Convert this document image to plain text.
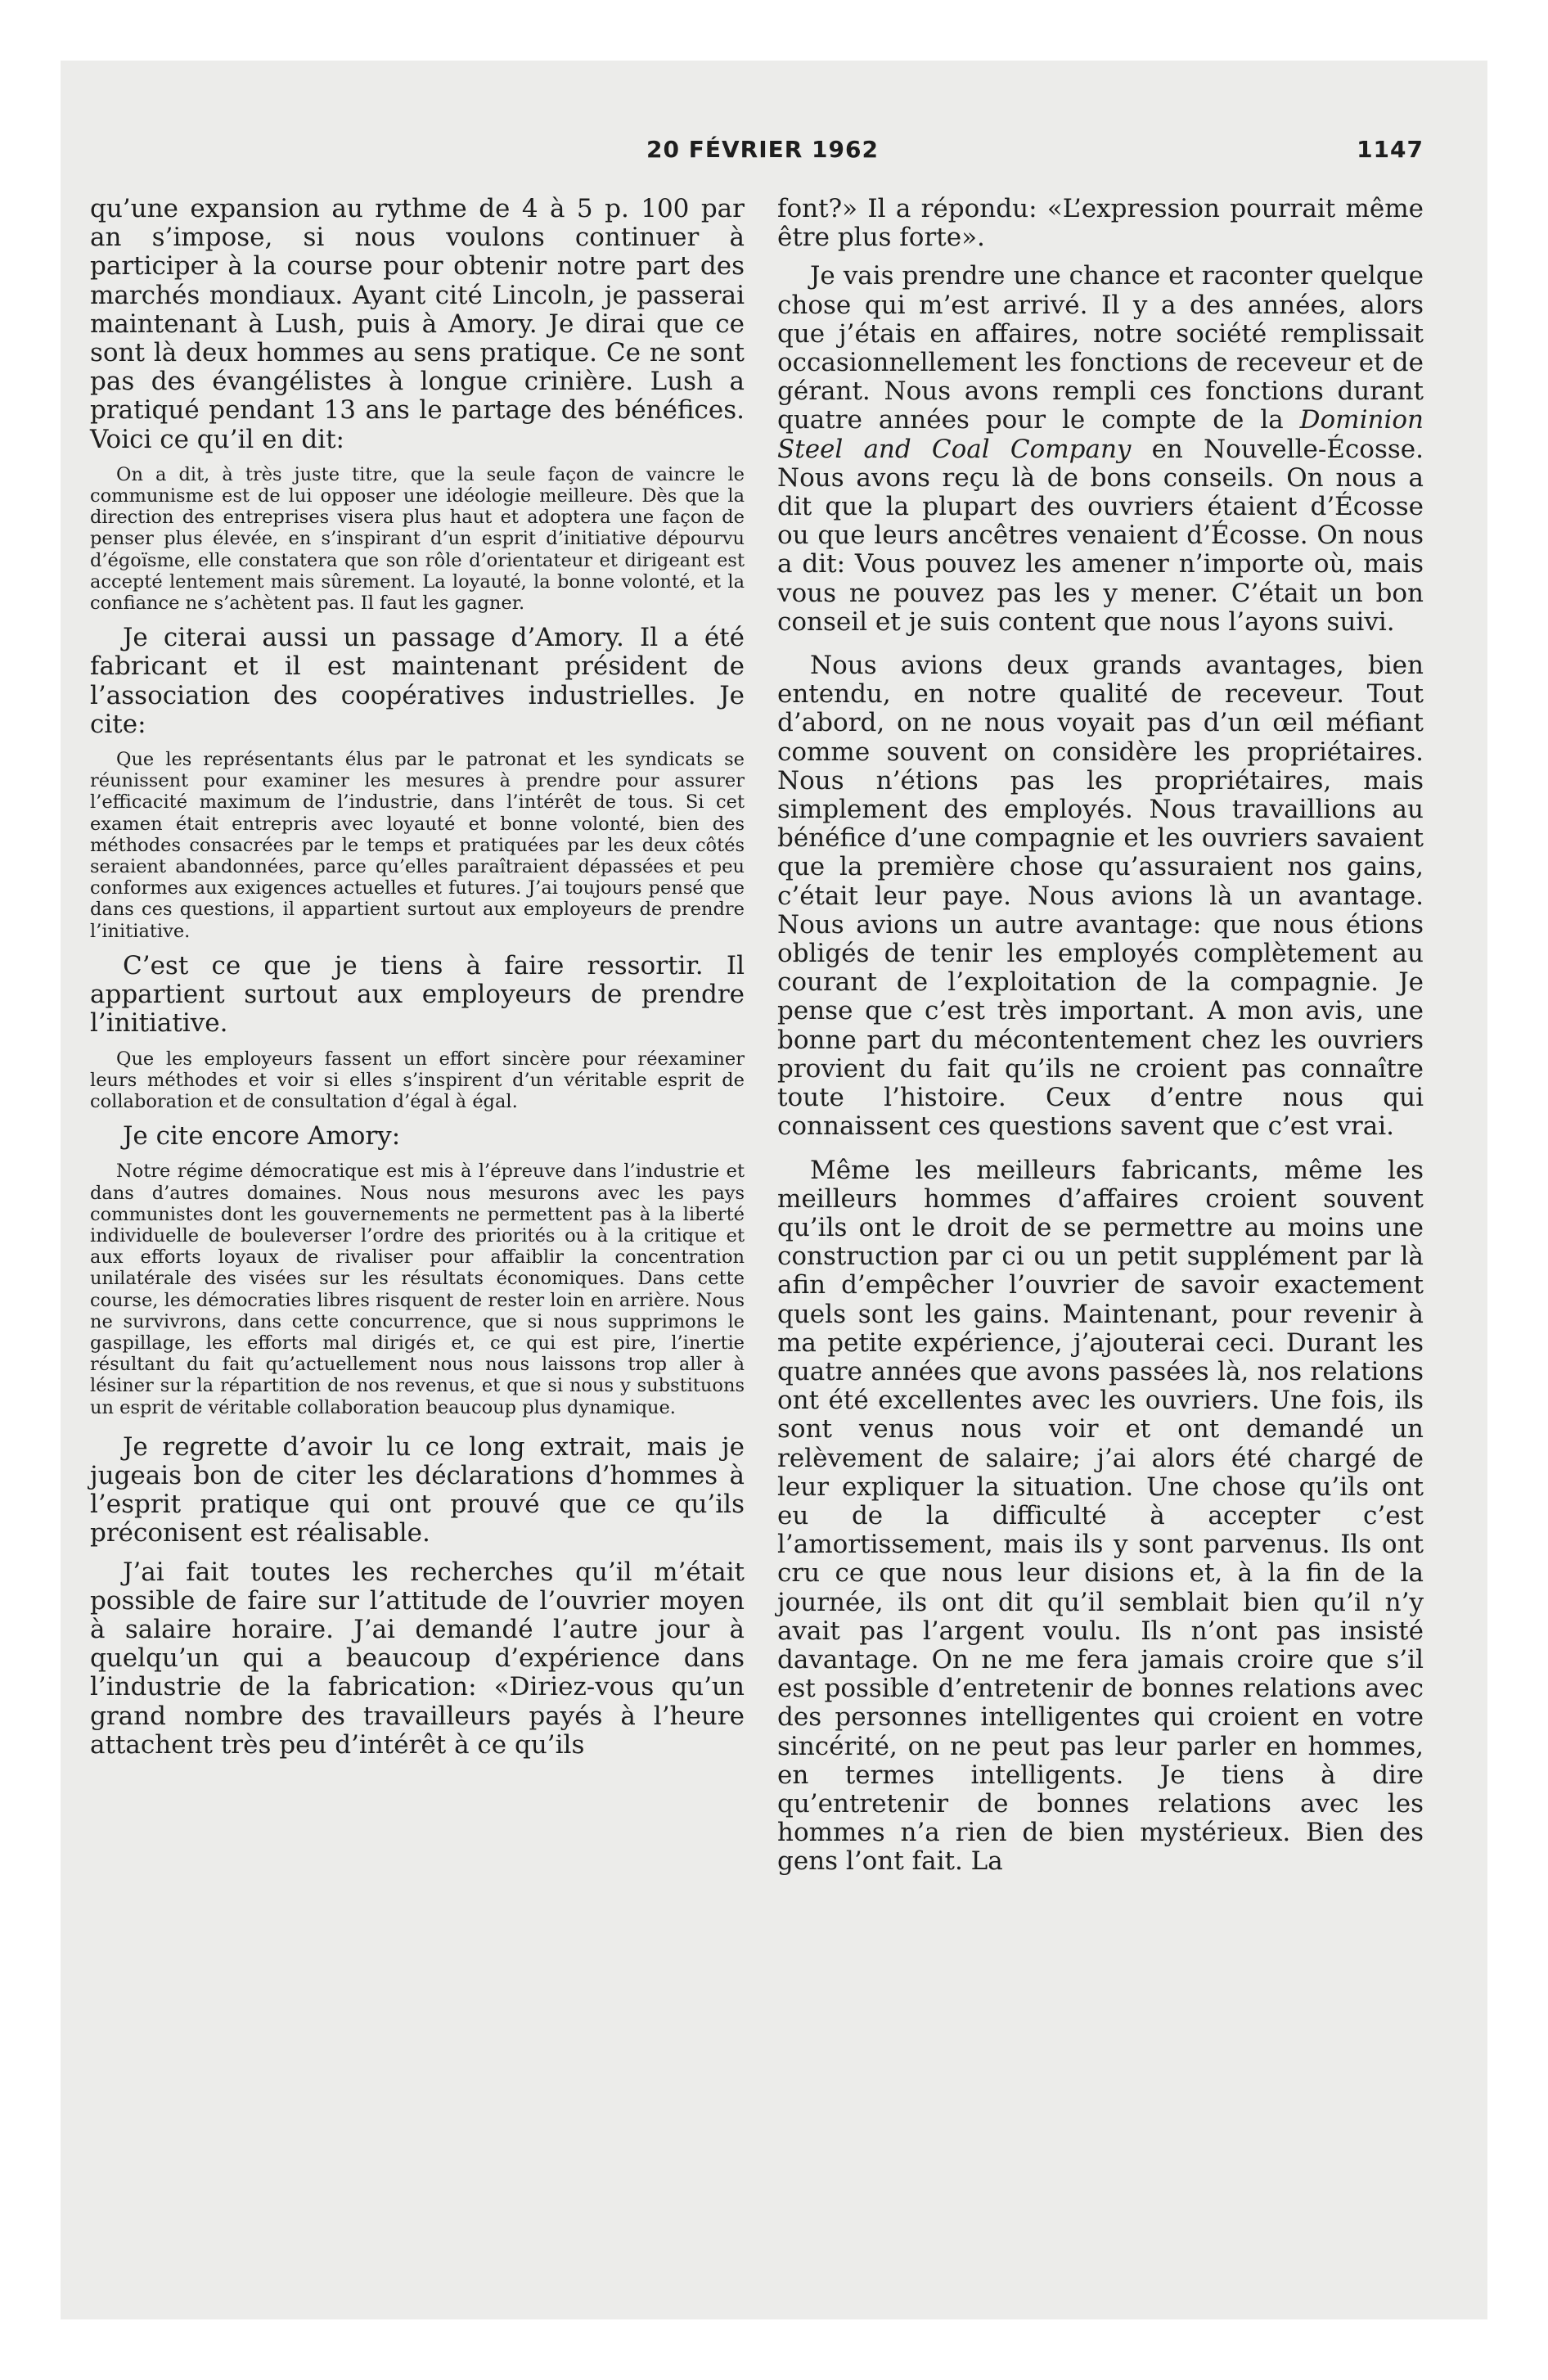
20 FÉVRIER 1962	1147

qu’une expansion au rythme de 4 à 5 p. 100 par an s’impose, si nous voulons continuer à participer à la course pour obtenir notre part des marchés mondiaux. Ayant cité Lincoln, je passerai maintenant à Lush, puis à Amory. Je dirai que ce sont là deux hommes au sens pratique. Ce ne sont pas des évangélistes à longue crinière. Lush a pratiqué pendant 13 ans le partage des bénéfices. Voici ce qu’il en dit:

On a dit, à très juste titre, que la seule façon de vaincre le communisme est de lui opposer une idéologie meilleure. Dès que la direction des entreprises visera plus haut et adoptera une façon de penser plus élevée, en s’inspirant d’un esprit d’initiative dépourvu d’égoïsme, elle constatera que son rôle d’orientateur et dirigeant est accepté lentement mais sûrement. La loyauté, la bonne volonté, et la confiance ne s’achètent pas. Il faut les gagner.

Je citerai aussi un passage d’Amory. Il a été fabricant et il est maintenant président de l’association des coopératives industrielles. Je cite:

Que les représentants élus par le patronat et les syndicats se réunissent pour examiner les mesures à prendre pour assurer l’efficacité maximum de l’industrie, dans l’intérêt de tous. Si cet examen était entrepris avec loyauté et bonne volonté, bien des méthodes consacrées par le temps et pratiquées par les deux côtés seraient abandonnées, parce qu’elles paraîtraient dépassées et peu conformes aux exigences actuelles et futures. J’ai toujours pensé que dans ces questions, il appartient surtout aux employeurs de prendre l’initiative.

C’est ce que je tiens à faire ressortir. Il appartient surtout aux employeurs de prendre l’initiative.

Que les employeurs fassent un effort sincère pour réexaminer leurs méthodes et voir si elles s’inspirent d’un véritable esprit de collaboration et de consultation d’égal à égal.

Je cite encore Amory:

Notre régime démocratique est mis à l’épreuve dans l’industrie et dans d’autres domaines. Nous nous mesurons avec les pays communistes dont les gouvernements ne permettent pas à la liberté individuelle de bouleverser l’ordre des priorités ou à la critique et aux efforts loyaux de rivaliser pour affaiblir la concentration unilatérale des visées sur les résultats économiques. Dans cette course, les démocraties libres risquent de rester loin en arrière. Nous ne survivrons, dans cette concurrence, que si nous supprimons le gaspillage, les efforts mal dirigés et, ce qui est pire, l’inertie résultant du fait qu’actuellement nous nous laissons trop aller à lésiner sur la répartition de nos revenus, et que si nous y substituons un esprit de véritable collaboration beaucoup plus dynamique.

Je regrette d’avoir lu ce long extrait, mais je jugeais bon de citer les déclarations d’hommes à l’esprit pratique qui ont prouvé que ce qu’ils préconisent est réalisable.

J’ai fait toutes les recherches qu’il m’était possible de faire sur l’attitude de l’ouvrier moyen à salaire horaire. J’ai demandé l’autre jour à quelqu’un qui a beaucoup d’expérience dans l’industrie de la fabrication: «Diriez-vous qu’un grand nombre des travailleurs payés à l’heure attachent très peu d’intérêt à ce qu’ils

font?» Il a répondu: «L’expression pourrait même être plus forte».

Je vais prendre une chance et raconter quelque chose qui m’est arrivé. Il y a des années, alors que j’étais en affaires, notre société remplissait occasionnellement les fonctions de receveur et de gérant. Nous avons rempli ces fonctions durant quatre années pour le compte de la Dominion Steel and Coal Company en Nouvelle-Écosse. Nous avons reçu là de bons conseils. On nous a dit que la plupart des ouvriers étaient d’Écosse ou que leurs ancêtres venaient d’Écosse. On nous a dit: Vous pouvez les amener n’importe où, mais vous ne pouvez pas les y mener. C’était un bon conseil et je suis content que nous l’ayons suivi.

Nous avions deux grands avantages, bien entendu, en notre qualité de receveur. Tout d’abord, on ne nous voyait pas d’un œil méfiant comme souvent on considère les propriétaires. Nous n’étions pas les propriétaires, mais simplement des employés. Nous travaillions au bénéfice d’une compagnie et les ouvriers savaient que la première chose qu’assuraient nos gains, c’était leur paye. Nous avions là un avantage. Nous avions un autre avantage: que nous étions obligés de tenir les employés complètement au courant de l’exploitation de la compagnie. Je pense que c’est très important. A mon avis, une bonne part du mécontentement chez les ouvriers provient du fait qu’ils ne croient pas connaître toute l’histoire. Ceux d’entre nous qui connaissent ces questions savent que c’est vrai.

Même les meilleurs fabricants, même les meilleurs hommes d’affaires croient souvent qu’ils ont le droit de se permettre au moins une construction par ci ou un petit supplément par là afin d’empêcher l’ouvrier de savoir exactement quels sont les gains. Maintenant, pour revenir à ma petite expérience, j’ajouterai ceci. Durant les quatre années que avons passées là, nos relations ont été excellentes avec les ouvriers. Une fois, ils sont venus nous voir et ont demandé un relèvement de salaire; j’ai alors été chargé de leur expliquer la situation. Une chose qu’ils ont eu de la difficulté à accepter c’est l’amortissement, mais ils y sont parvenus. Ils ont cru ce que nous leur disions et, à la fin de la journée, ils ont dit qu’il semblait bien qu’il n’y avait pas l’argent voulu. Ils n’ont pas insisté davantage. On ne me fera jamais croire que s’il est possible d’entretenir de bonnes relations avec des personnes intelligentes qui croient en votre sincérité, on ne peut pas leur parler en hommes, en termes intelligents. Je tiens à dire qu’entretenir de bonnes relations avec les hommes n’a rien de bien mystérieux. Bien des gens l’ont fait. La
